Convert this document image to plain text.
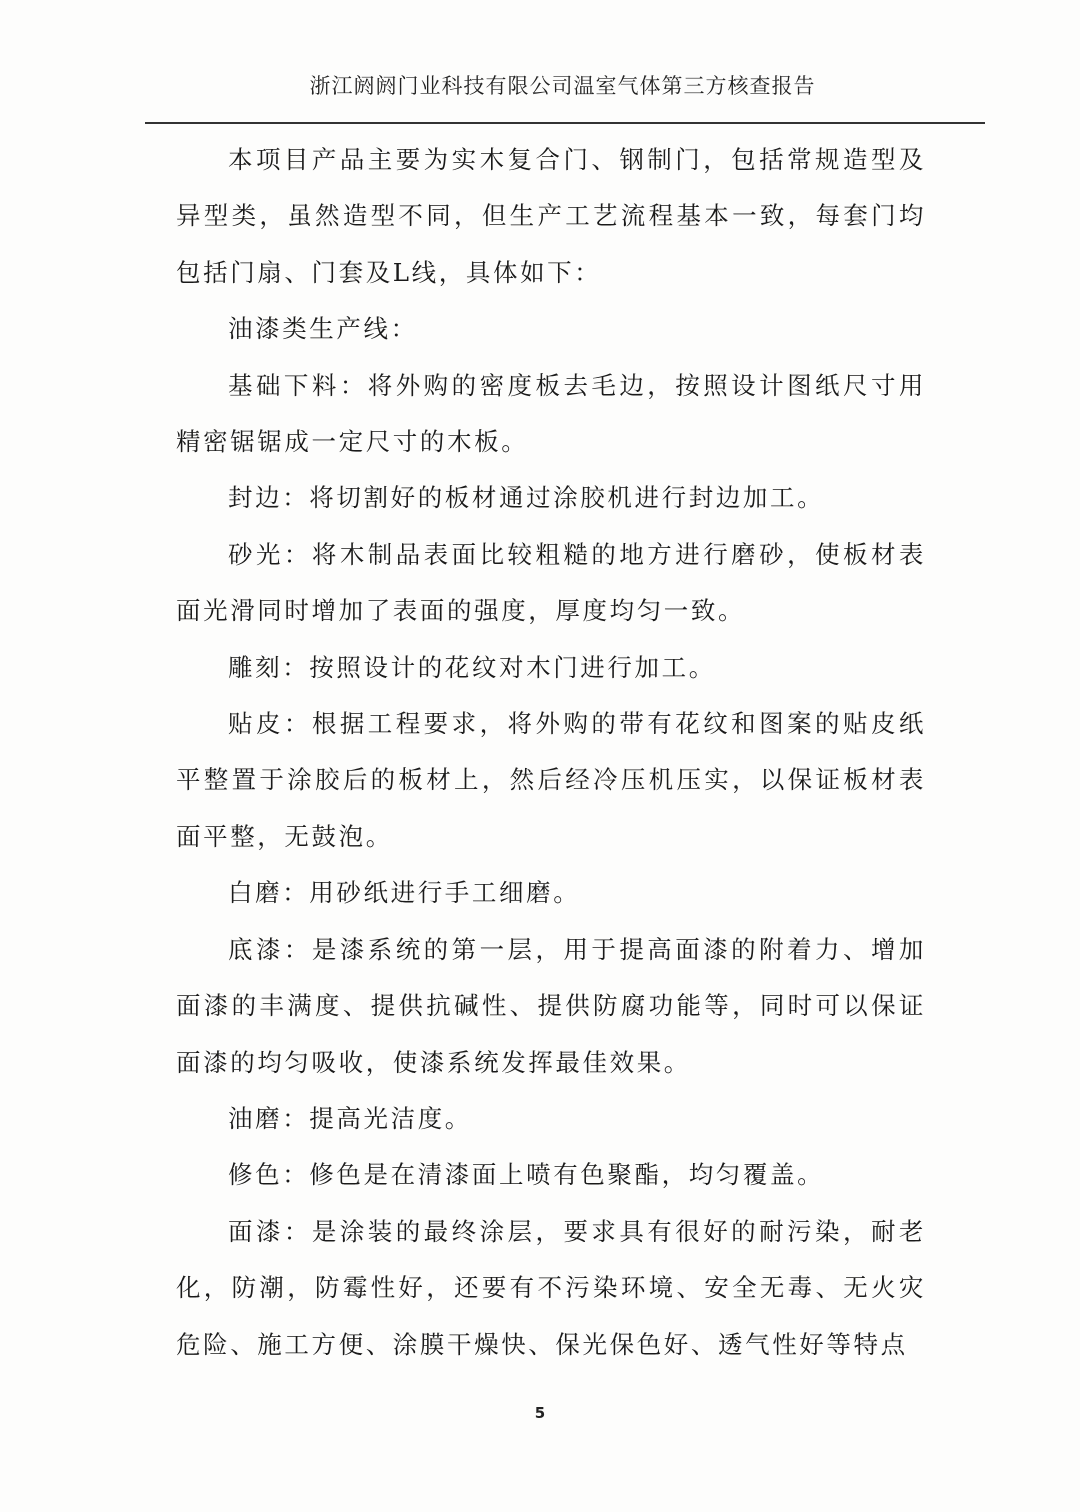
浙江阏阏门业科技有限公司温室气体第三方核查报告

本项目产品主要为实木复合门、钢制门，包括常规造型及异型类，虽然造型不同，但生产工艺流程基本一致，每套门均包括门扇、门套及L线，具体如下：

油漆类生产线：

基础下料：将外购的密度板去毛边，按照设计图纸尺寸用精密锯锯成一定尺寸的木板。

封边：将切割好的板材通过涂胶机进行封边加工。

砂光：将木制品表面比较粗糙的地方进行磨砂，使板材表面光滑同时增加了表面的强度，厚度均匀一致。

雕刻：按照设计的花纹对木门进行加工。

贴皮：根据工程要求，将外购的带有花纹和图案的贴皮纸平整置于涂胶后的板材上，然后经冷压机压实，以保证板材表面平整，无鼓泡。

白磨：用砂纸进行手工细磨。

底漆：是漆系统的第一层，用于提高面漆的附着力、增加面漆的丰满度、提供抗碱性、提供防腐功能等，同时可以保证面漆的均匀吸收，使漆系统发挥最佳效果。

油磨：提高光洁度。

修色：修色是在清漆面上喷有色聚酯，均匀覆盖。

面漆：是涂装的最终涂层，要求具有很好的耐污染，耐老化，防潮，防霉性好，还要有不污染环境、安全无毒、无火灾危险、施工方便、涂膜干燥快、保光保色好、透气性好等特点

5
